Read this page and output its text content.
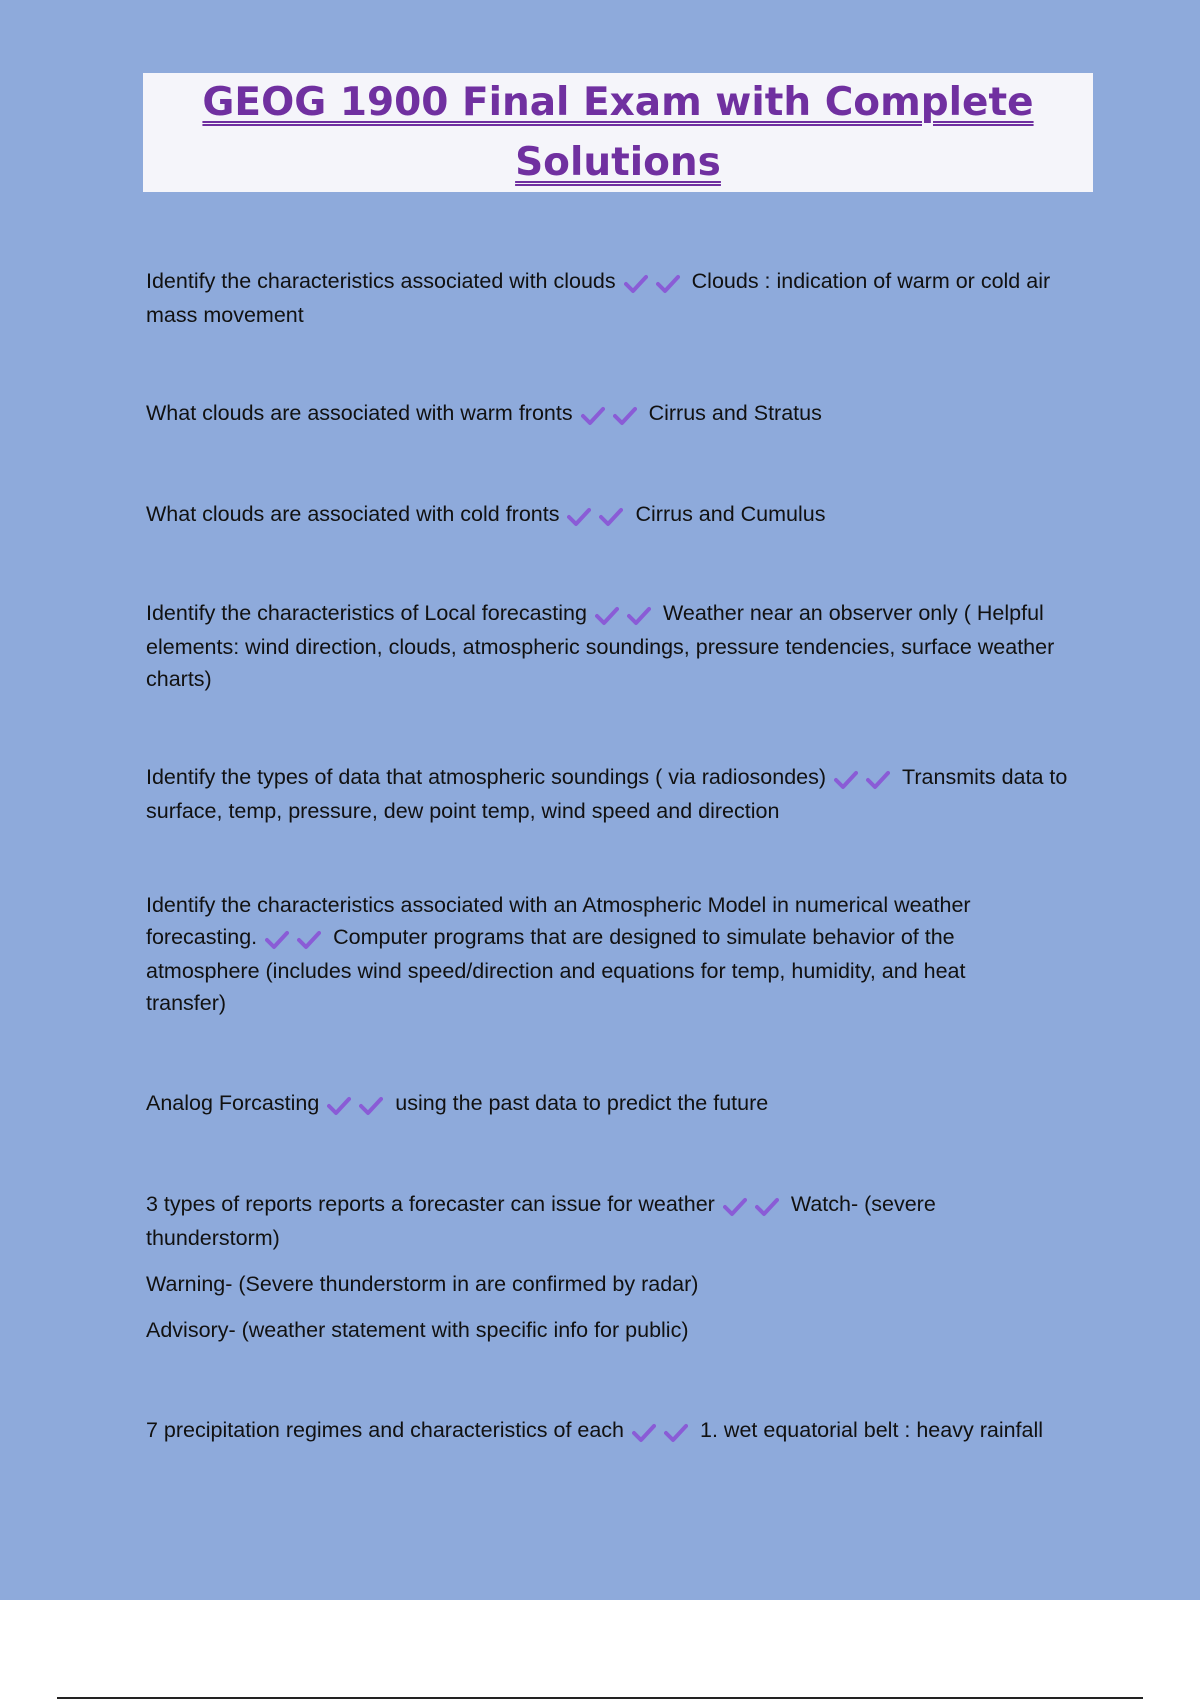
GEOG 1900 Final Exam with Complete Solutions

Identify the characteristics associated with clouds	Clouds : indication of warm or cold air mass movement

What clouds are associated with warm fronts	Cirrus and Stratus

What clouds are associated with cold fronts	Cirrus and Cumulus

Identify the characteristics of Local forecasting	Weather near an observer only ( Helpful elements: wind direction, clouds, atmospheric soundings, pressure tendencies, surface weather charts)

Identify the types of data that atmospheric soundings ( via radiosondes)	Transmits data to surface, temp, pressure, dew point temp, wind speed and direction

Identify the characteristics associated with an Atmospheric Model in numerical weather forecasting.	Computer programs that are designed to simulate behavior of the atmosphere (includes wind speed/direction and equations for temp, humidity, and heat transfer)

Analog Forcasting	using the past data to predict the future

3 types of reports reports a forecaster can issue for weather	Watch- (severe thunderstorm)
Warning- (Severe thunderstorm in are confirmed by radar)
Advisory- (weather statement with specific info for public)

7 precipitation regimes and characteristics of each	1. wet equatorial belt : heavy rainfall
